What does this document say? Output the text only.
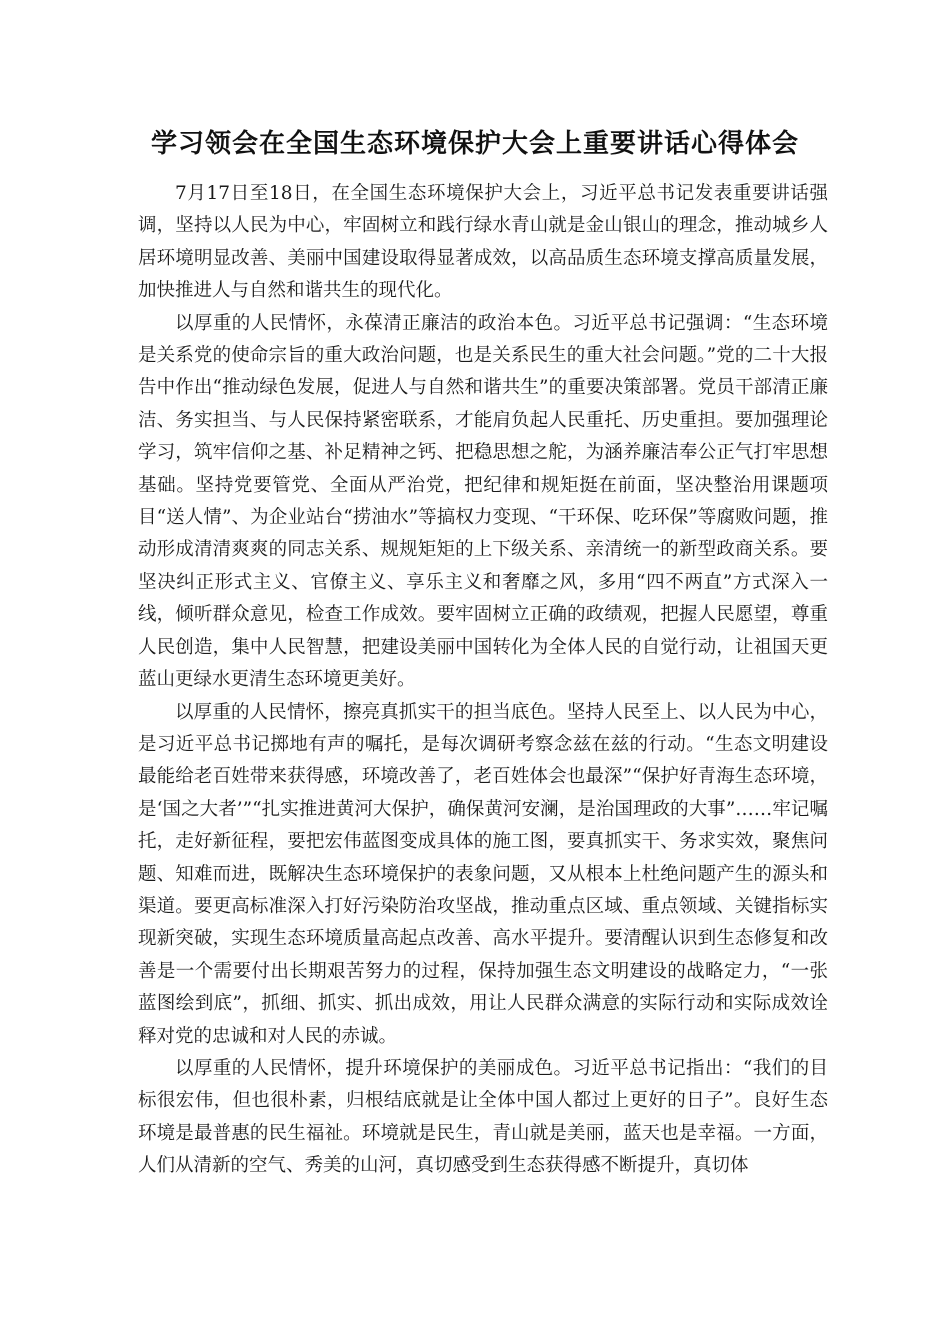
学习领会在全国生态环境保护大会上重要讲话心得体会

7月17日至18日，在全国生态环境保护大会上，习近平总书记发表重要讲话强调，坚持以人民为中心，牢固树立和践行绿水青山就是金山银山的理念，推动城乡人居环境明显改善、美丽中国建设取得显著成效，以高品质生态环境支撑高质量发展，加快推进人与自然和谐共生的现代化。

以厚重的人民情怀，永葆清正廉洁的政治本色。习近平总书记强调：“生态环境是关系党的使命宗旨的重大政治问题，也是关系民生的重大社会问题。”党的二十大报告中作出“推动绿色发展，促进人与自然和谐共生”的重要决策部署。党员干部清正廉洁、务实担当、与人民保持紧密联系，才能肩负起人民重托、历史重担。要加强理论学习，筑牢信仰之基、补足精神之钙、把稳思想之舵，为涵养廉洁奉公正气打牢思想基础。坚持党要管党、全面从严治党，把纪律和规矩挺在前面，坚决整治用课题项目“送人情”、为企业站台“捞油水”等搞权力变现、“干环保、吃环保”等腐败问题，推动形成清清爽爽的同志关系、规规矩矩的上下级关系、亲清统一的新型政商关系。要坚决纠正形式主义、官僚主义、享乐主义和奢靡之风，多用“四不两直”方式深入一线，倾听群众意见，检查工作成效。要牢固树立正确的政绩观，把握人民愿望，尊重人民创造，集中人民智慧，把建设美丽中国转化为全体人民的自觉行动，让祖国天更蓝山更绿水更清生态环境更美好。

以厚重的人民情怀，擦亮真抓实干的担当底色。坚持人民至上、以人民为中心，是习近平总书记掷地有声的嘱托，是每次调研考察念兹在兹的行动。“生态文明建设最能给老百姓带来获得感，环境改善了，老百姓体会也最深”“保护好青海生态环境，是‘国之大者’”“扎实推进黄河大保护，确保黄河安澜，是治国理政的大事”……牢记嘱托，走好新征程，要把宏伟蓝图变成具体的施工图，要真抓实干、务求实效，聚焦问题、知难而进，既解决生态环境保护的表象问题，又从根本上杜绝问题产生的源头和渠道。要更高标准深入打好污染防治攻坚战，推动重点区域、重点领域、关键指标实现新突破，实现生态环境质量高起点改善、高水平提升。要清醒认识到生态修复和改善是一个需要付出长期艰苦努力的过程，保持加强生态文明建设的战略定力，“一张蓝图绘到底”，抓细、抓实、抓出成效，用让人民群众满意的实际行动和实际成效诠释对党的忠诚和对人民的赤诚。

以厚重的人民情怀，提升环境保护的美丽成色。习近平总书记指出：“我们的目标很宏伟，但也很朴素，归根结底就是让全体中国人都过上更好的日子”。良好生态环境是最普惠的民生福祉。环境就是民生，青山就是美丽，蓝天也是幸福。一方面，人们从清新的空气、秀美的山河，真切感受到生态获得感不断提升，真切体
